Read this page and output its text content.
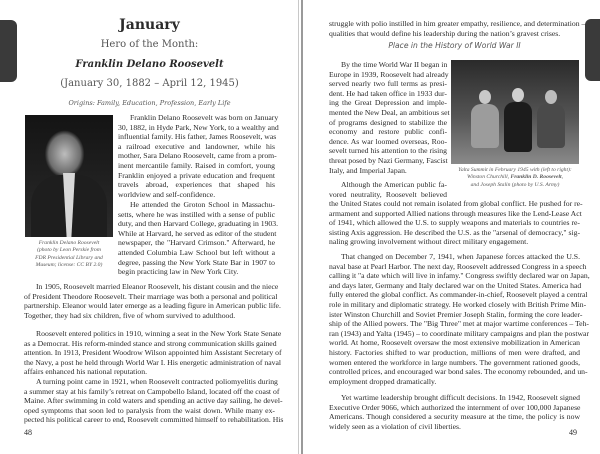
January
Hero of the Month:
Franklin Delano Roosevelt
(January 30, 1882 – April 12, 1945)
Origins: Family, Education, Profession, Early Life
Franklin Delano Roosevelt
(photo by Leon Perskie from
FDR Presidential Library and
Museum; license: CC BY 2.0)
Franklin Delano Roosevelt was born on January
30, 1882, in Hyde Park, New York, to a wealthy and
influential family. His father, James Roosevelt, was
a railroad executive and landowner, while his
mother, Sara Delano Roosevelt, came from a prom-
inent mercantile family. Raised in comfort, young
Franklin enjoyed a private education and frequent
travels abroad, experiences that shaped his
worldview and self-confidence.
He attended the Groton School in Massachu-
setts, where he was instilled with a sense of public
duty, and then Harvard College, graduating in 1903.
While at Harvard, he served as editor of the student
newspaper, the "Harvard Crimson." Afterward, he
attended Columbia Law School but left without a
degree, passing the New York State Bar in 1907 to
begin practicing law in New York City.
In 1905, Roosevelt married Eleanor Roosevelt, his distant cousin and the niece
of President Theodore Roosevelt. Their marriage was both a personal and political
partnership. Eleanor would later emerge as a leading figure in American public life.
Together, they had six children, five of whom survived to adulthood.
Roosevelt entered politics in 1910, winning a seat in the New York State Senate
as a Democrat. His reform-minded stance and strong communication skills gained
attention. In 1913, President Woodrow Wilson appointed him Assistant Secretary of
the Navy, a post he held through World War I. His energetic administration of naval
affairs enhanced his national reputation.
A turning point came in 1921, when Roosevelt contracted poliomyelitis during
a summer stay at his family’s retreat on Campobello Island, located off the coast of
Maine. After swimming in cold waters and spending an active day sailing, he devel-
oped symptoms that soon led to paralysis from the waist down. While many ex-
pected his political career to end, Roosevelt committed himself to rehabilitation. His
48
struggle with polio instilled in him greater empathy, resilience, and determination –
qualities that would define his leadership during the nation’s gravest crises.
Place in the History of World War II
By the time World War II began in
Europe in 1939, Roosevelt had already
served nearly two full terms as presi-
dent. He had taken office in 1933 dur-
ing the Great Depression and imple-
mented the New Deal, an ambitious set
of programs designed to stabilize the
economy and restore public confi-
dence. As war loomed overseas, Roo-
sevelt turned his attention to the rising
threat posed by Nazi Germany, Fascist
Italy, and Imperial Japan.	Yalta Summit in February 1945 with (left to right):
Winston Churchill, Franklin D. Roosevelt,
and Joseph Stalin (photo by U.S. Army)
Although the American public fa-
vored neutrality, Roosevelt believed
the United States could not remain isolated from global conflict. He pushed for re-
armament and supported Allied nations through measures like the Lend-Lease Act
of 1941, which allowed the U.S. to supply weapons and materials to countries re-
sisting Axis aggression. He described the U.S. as the "arsenal of democracy," sig-
naling growing involvement without direct military engagement.
That changed on December 7, 1941, when Japanese forces attacked the U.S.
naval base at Pearl Harbor. The next day, Roosevelt addressed Congress in a speech
calling it "a date which will live in infamy." Congress swiftly declared war on Japan,
and days later, Germany and Italy declared war on the United States. America had
fully entered the global conflict. As commander-in-chief, Roosevelt played a central
role in military and diplomatic strategy. He worked closely with British Prime Min-
ister Winston Churchill and Soviet Premier Joseph Stalin, forming the core leader-
ship of the Allied powers. The "Big Three" met at major wartime conferences – Teh-
ran (1943) and Yalta (1945) – to coordinate military campaigns and plan the postwar
world. At home, Roosevelt oversaw the most extensive mobilization in American
history. Factories shifted to war production, millions of men were drafted, and
women entered the workforce in large numbers. The government rationed goods,
controlled prices, and encouraged war bond sales. The economy rebounded, and un-
employment dropped dramatically.
Yet wartime leadership brought difficult decisions. In 1942, Roosevelt signed
Executive Order 9066, which authorized the internment of over 100,000 Japanese
Americans. Though considered a security measure at the time, the policy is now
widely seen as a violation of civil liberties.
49
